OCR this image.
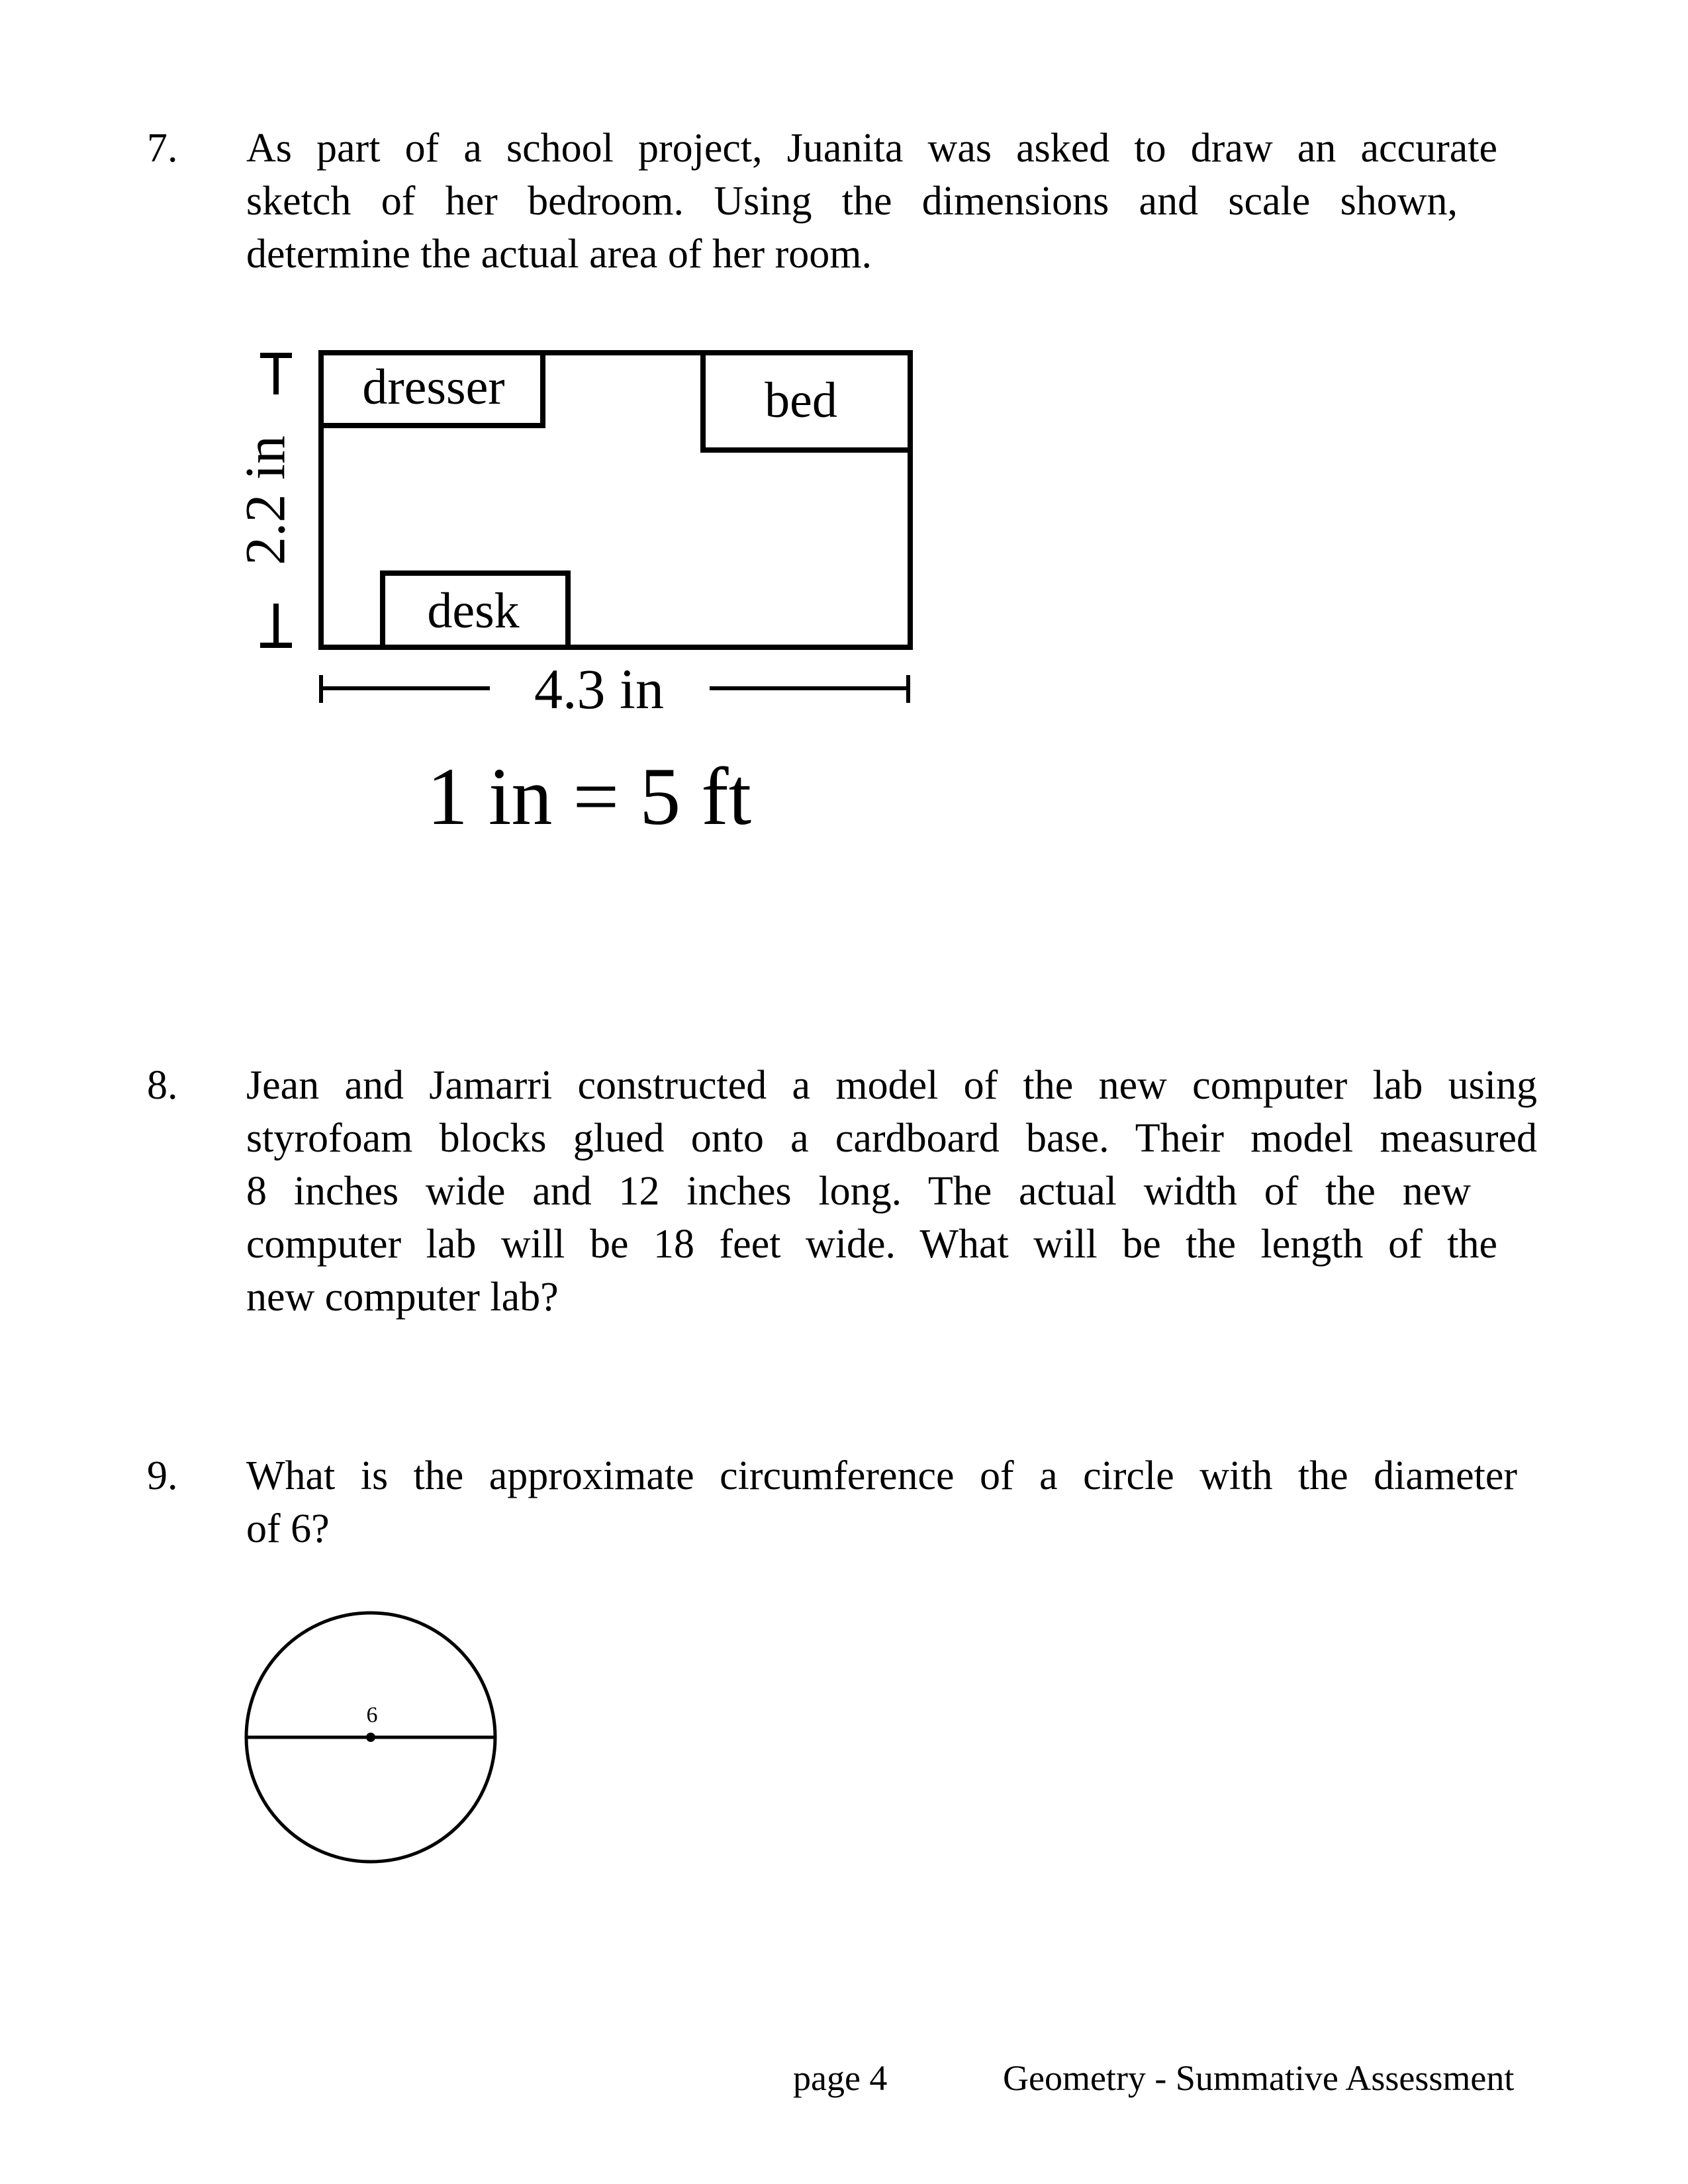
7. As part of a school project, Juanita was asked to draw an accurate
sketch of her bedroom. Using the dimensions and scale shown,
determine the actual area of her room.
8. Jean and Jamarri constructed a model of the new computer lab using
styrofoam blocks glued onto a cardboard base. Their model measured
8 inches wide and 12 inches long. The actual width of the new
computer lab will be 18 feet wide. What will be the length of the
new computer lab?
9. What is the approximate circumference of a circle with the diameter
of 6?
dresser	bed
desk
2.2 in
4.3 in
1 in = 5 ft
6
page 4	Geometry - Summative Assessment
